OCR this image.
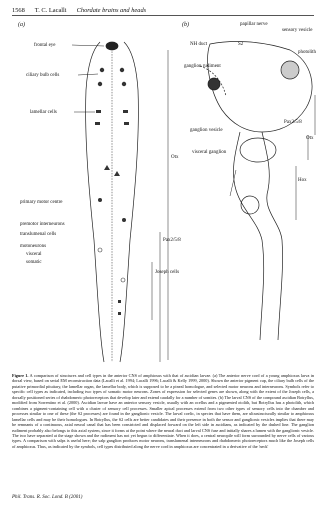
1568 T. C. Lacalli Chordate brains and heads
(a)
frontal eye
ciliary bulb cells
lamellar cells
Otx
Pax2/5/8
Joseph cells
primary motor centre
premotor interneurons
translumenal cells
motoneurons
visceral
somatic
(b)	papillar nerve
sensory vesicle
NH duct	S2
photolith
ganglion rudiment
ganglion vesicle
Pax2/5/8
Otx
visceral ganglion
Hox

Figure 1. A comparison of structures and cell types in the anterior CNS of amphioxus with that of ascidian larvae. (a) The anterior nerve cord of a young amphioxus larva in dorsal view, based on serial EM reconstruction data (Lacalli et al. 1994; Lacalli 1996; Lacalli & Kelly 1999, 2000). Shown the anterior pigment cup, the ciliary bulb cells of the putative primordial pituitary, the lamellar organ, the lamellar body, which is supposed to be a pineal homologue, and selected motor neurons and interneurons. Symbols refer to specific cell types as indicated, including two types of somatic motor neurons. Zones of expression for selected genes are shown, along with the extent of the Joseph cells, a dorsally positioned series of rhabdomeric photoreceptors that develop later and extend caudally for a number of somites. (b) The larval CNS of the compound ascidian Botryllus, modified from Sorrentino et al. (2000). Ascidian larvae have an anterior sensory vesicle, usually with an ocellus and a pigmented otolith, but Botryllus has a photolith, which combines a pigment-containing cell with a cluster of sensory cell processes. Smaller apical processes extend from two other types of sensory cells into the chamber and processes similar to one of these (the S2 processes) are found in the ganglionic vesicle. The larval coelic, in species that have them, are ultrastructurally similar to amphioxus lamellar cells and may be their homologues. In Botryllus, the S2 cells are better candidates and their presence in both the sensor and ganglionic vesicles implies that there may be remnants of a continuous, axial neural canal that has been constricted and displaced forward on the left side in ascidians, as indicated by the dashed line. The ganglion rudiment probably also belongs to this axial system, since it forms at the point where the neural duct and larval CNS fuse and initially shares a lumen with the ganglionic vesicle. The two have separated at the stage shown and the rudiment has not yet begun to differentiate. When it does, a central neuropile will form surrounded by nerve cells of various types. A comparison with salps is useful here; the salp ganglion produces motor neurons, translumenal interneurons and rhabdomeric photoreceptors much like the Joseph cells of amphioxus. Thus, as indicated by the symbols, cell types distributed along the nerve cord in amphioxus are concentrated in a derivative of the 'neck'

Phil. Trans. R. Soc. Lond. B (2001)
